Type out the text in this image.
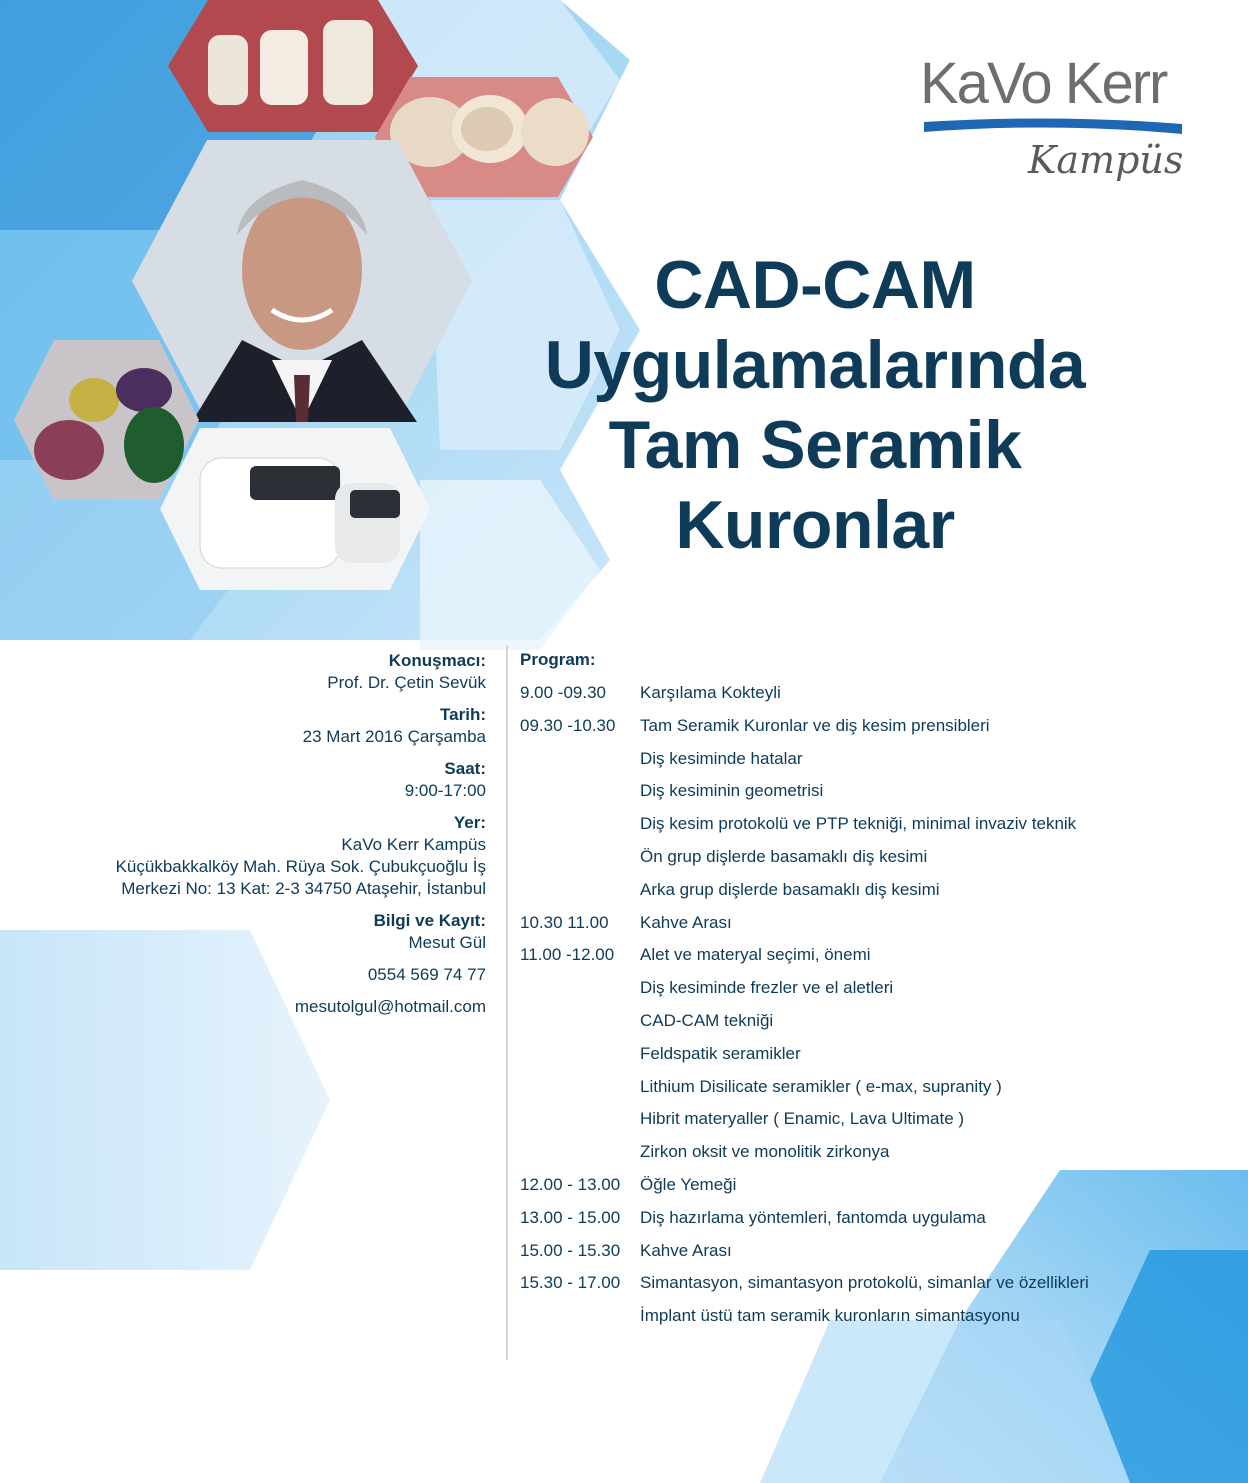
KaVo Kerr
Kampüs
CAD-CAM
Uygulamalarında
Tam Seramik
Kuronlar
Konuşmacı:
Prof. Dr. Çetin Sevük
Tarih:
23 Mart 2016 Çarşamba
Saat:
9:00-17:00
Yer:
KaVo Kerr Kampüs
Küçükbakkalköy Mah. Rüya Sok. Çubukçuoğlu İş
Merkezi No: 13 Kat: 2-3 34750 Ataşehir, İstanbul
Bilgi ve Kayıt:
Mesut Gül
0554 569 74 77
mesutolgul@hotmail.com
Program:
9.00 -09.30 Karşılama Kokteyli
09.30 -10.30 Tam Seramik Kuronlar ve diş kesim prensibleri
Diş kesiminde hatalar
Diş kesiminin geometrisi
Diş kesim protokolü ve PTP tekniği, minimal invaziv teknik
Ön grup dişlerde basamaklı diş kesimi
Arka grup dişlerde basamaklı diş kesimi
10.30 11.00 Kahve Arası
11.00 -12.00 Alet ve materyal seçimi, önemi
Diş kesiminde frezler ve el aletleri
CAD-CAM tekniği
Feldspatik seramikler
Lithium Disilicate seramikler ( e-max, supranity )
Hibrit materyaller ( Enamic, Lava Ultimate )
Zirkon oksit ve monolitik zirkonya
12.00 - 13.00 Öğle Yemeği
13.00 - 15.00 Diş hazırlama yöntemleri, fantomda uygulama
15.00 - 15.30 Kahve Arası
15.30 - 17.00 Simantasyon, simantasyon protokolü, simanlar ve özellikleri
İmplant üstü tam seramik kuronların simantasyonu
